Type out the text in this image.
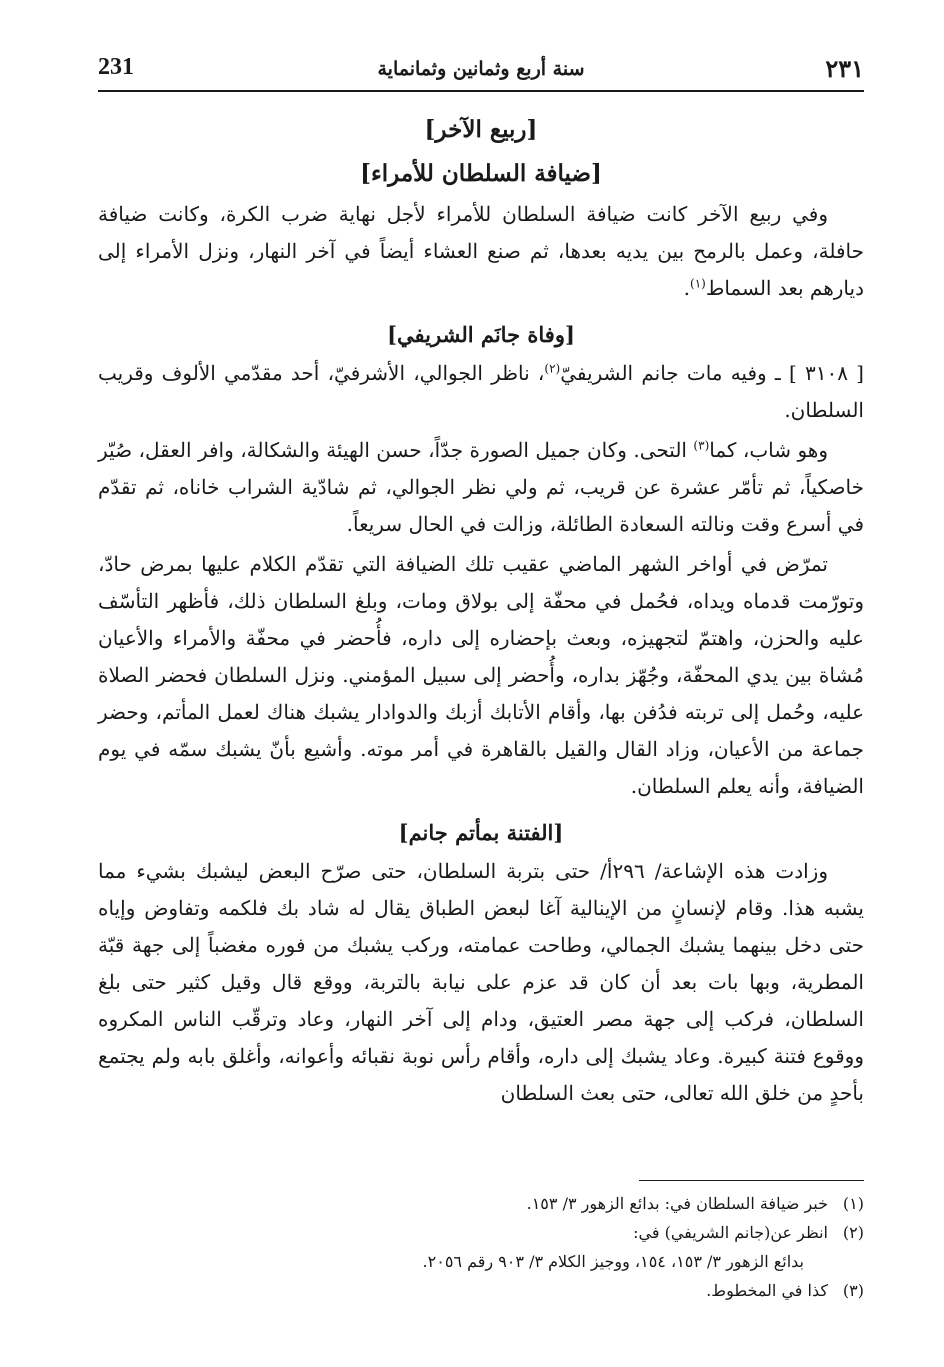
231	سنة أربع وثمانين وثمانماية	٢٣١
[ربيع الآخر]
[ضيافة السلطان للأمراء]

وفي ربيع الآخر كانت ضيافة السلطان للأمراء لأجل نهاية ضرب الكرة، وكانت ضيافة حافلة، وعمل بالرمح بين يديه بعدها، ثم صنع العشاء أيضاً في آخر النهار، ونزل الأمراء إلى ديارهم بعد السماط$^{(١)}$.

[وفاة جانَم الشريفي]

[ ٣١٠٨ ] ـ وفيه مات جانم الشريفيّ$^{(٢)}$، ناظر الجوالي، الأشرفيّ، أحد مقدّمي الألوف وقريب السلطان.

وهو شاب، كما$^{(٣)}$ التحى. وكان جميل الصورة جدّاً، حسن الهيئة والشكالة، وافر العقل، صُيّر خاصكياً، ثم تأمّر عشرة عن قريب، ثم ولي نظر الجوالي، ثم شادّية الشراب خاناه، ثم تقدّم في أسرع وقت ونالته السعادة الطائلة، وزالت في الحال سريعاً.

تمرّض في أواخر الشهر الماضي عقيب تلك الضيافة التي تقدّم الكلام عليها بمرض حادّ، وتورّمت قدماه ويداه، فحُمل في محفّة إلى بولاق ومات، وبلغ السلطان ذلك، فأظهر التأسّف عليه والحزن، واهتمّ لتجهيزه، وبعث بإحضاره إلى داره، فأُحضر في محفّة والأمراء والأعيان مُشاة بين يدي المحفّة، وجُهّز بداره، وأُحضر إلى سبيل المؤمني. ونزل السلطان فحضر الصلاة عليه، وحُمل إلى تربته فدُفن بها، وأقام الأتابك أزبك والدوادار يشبك هناك لعمل المأتم، وحضر جماعة من الأعيان، وزاد القال والقيل بالقاهرة في أمر موته. وأشيع بأنّ يشبك سمّه في يوم الضيافة، وأنه يعلم السلطان.

[الفتنة بمأتم جانم]

وزادت هذه الإشاعة/ ٢٩٦أ/ حتى بتربة السلطان، حتى صرّح البعض ليشبك بشيء مما يشبه هذا. وقام لإنسانٍ من الإينالية آغا لبعض الطباق يقال له شاد بك فلكمه وتفاوض وإياه حتى دخل بينهما يشبك الجمالي، وطاحت عمامته، وركب يشبك من فوره مغضباً إلى جهة قبّة المطرية، وبها بات بعد أن كان قد عزم على نيابة بالتربة، ووقع قال وقيل كثير حتى بلغ السلطان، فركب إلى جهة مصر العتيق، ودام إلى آخر النهار، وعاد وترقّب الناس المكروه ووقوع فتنة كبيرة. وعاد يشبك إلى داره، وأقام رأس نوبة نقبائه وأعوانه، وأغلق بابه ولم يجتمع بأحدٍ من خلق الله تعالى، حتى بعث السلطان

(١)
خبر ضيافة السلطان في: بدائع الزهور ٣/ ١٥٣.
(٢)
انظر عن(جانم الشريفي) في:
بدائع الزهور ٣/ ١٥٣، ١٥٤، ووجيز الكلام ٣/ ٩٠٣ رقم ٢٠٥٦.
(٣)
كذا في المخطوط.
